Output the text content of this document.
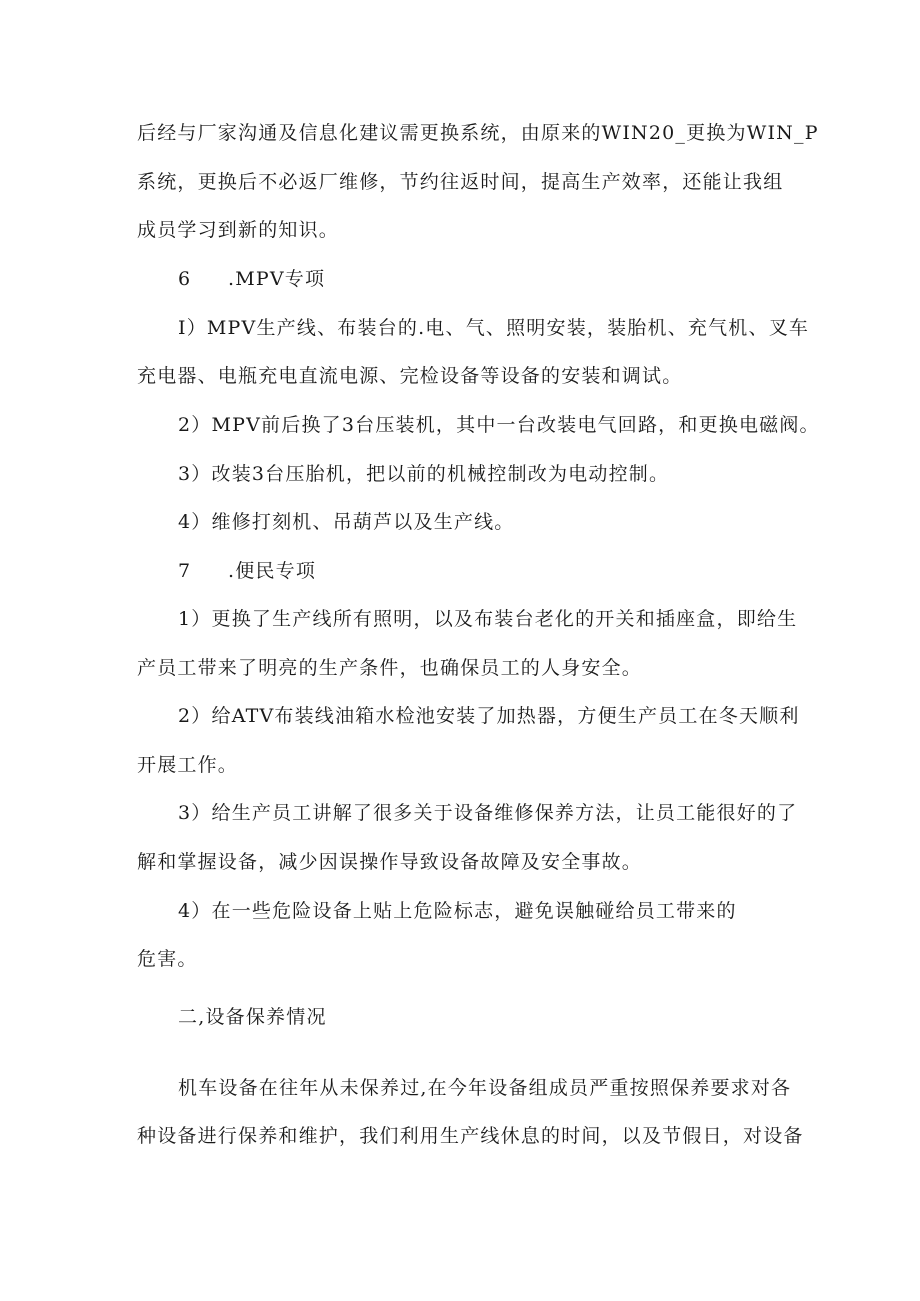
后经与厂家沟通及信息化建议需更换系统，由原来的WIN20_更换为WIN_P
系统，更换后不必返厂维修，节约往返时间，提高生产效率，还能让我组
成员学习到新的知识。
6 .MPV专项
I）MPV生产线、布装台的.电、气、照明安装，装胎机、充气机、叉车
充电器、电瓶充电直流电源、完检设备等设备的安装和调试。
2）MPV前后换了3台压装机，其中一台改装电气回路，和更换电磁阀。
3）改装3台压胎机，把以前的机械控制改为电动控制。
4）维修打刻机、吊葫芦以及生产线。
7 .便民专项
1）更换了生产线所有照明，以及布装台老化的开关和插座盒，即给生
产员工带来了明亮的生产条件，也确保员工的人身安全。
2）给ATV布装线油箱水检池安装了加热器，方便生产员工在冬天顺利
开展工作。
3）给生产员工讲解了很多关于设备维修保养方法，让员工能很好的了
解和掌握设备，减少因误操作导致设备故障及安全事故。
4）在一些危险设备上贴上危险标志，避免误触碰给员工带来的
危害。
二,设备保养情况
机车设备在往年从未保养过,在今年设备组成员严重按照保养要求对各
种设备进行保养和维护，我们利用生产线休息的时间，以及节假日，对设备
